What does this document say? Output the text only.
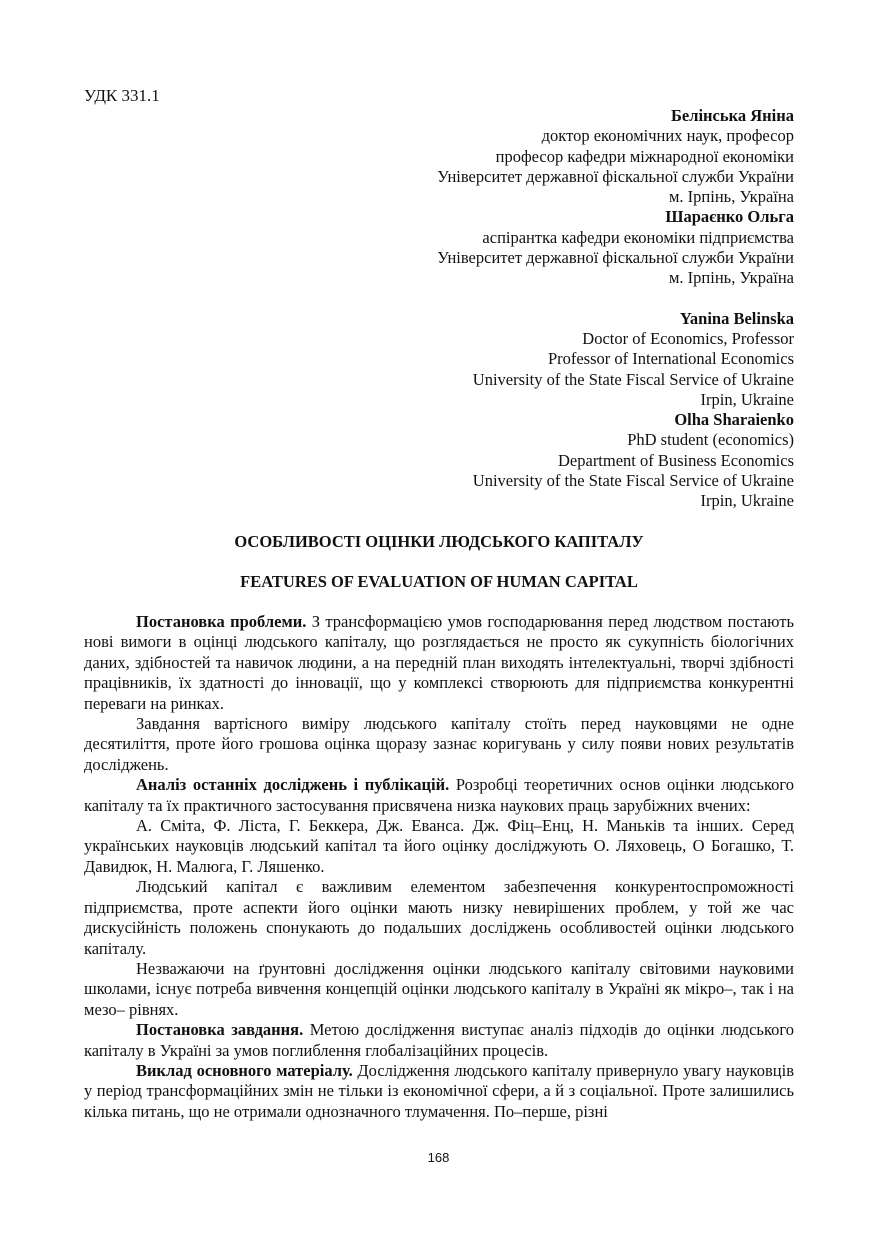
УДК 331.1
Белінська Яніна
доктор економічних наук, професор
професор кафедри міжнародної економіки
Університет державної фіскальної служби України
м. Ірпінь, Україна
Шараєнко Ольга
аспірантка кафедри економіки підприємства
Університет державної фіскальної служби України
м. Ірпінь, Україна
Yanina Belinska
Doctor of Economics, Professor
Professor of International Economics
University of the State Fiscal Service of Ukraine
Irpin, Ukraine
Olha Sharaienko
PhD student (economics)
Department of Business Economics
University of the State Fiscal Service of Ukraine
Irpin, Ukraine
ОСОБЛИВОСТІ ОЦІНКИ ЛЮДСЬКОГО КАПІТАЛУ
FEATURES OF EVALUATION OF HUMAN CAPITAL

Постановка проблеми. З трансформацією умов господарювання перед людством постають нові вимоги в оцінці людського капіталу, що розглядається не просто як сукупність біологічних даних, здібностей та навичок людини, а на передній план виходять інтелектуальні, творчі здібності працівників, їх здатності до інновації, що у комплексі створюють для підприємства конкурентні переваги на ринках.

Завдання вартісного виміру людського капіталу стоїть перед науковцями не одне десятиліття, проте його грошова оцінка щоразу зазнає коригувань у силу появи нових результатів досліджень.

Аналіз останніх досліджень і публікацій. Розробці теоретичних основ оцінки людського капіталу та їх практичного застосування присвячена низка наукових праць зарубіжних вчених:

А. Сміта, Ф. Ліста, Г. Беккера, Дж. Еванса. Дж. Фіц–Енц, Н. Маньків та інших. Серед українських науковців людський капітал та його оцінку досліджують О. Ляховець, О Богашко, Т. Давидюк, Н. Малюга, Г. Ляшенко.

Людський капітал є важливим елементом забезпечення конкурентоспроможності підприємства, проте аспекти його оцінки мають низку невирішених проблем, у той же час дискусійність положень спонукають до подальших досліджень особливостей оцінки людського капіталу.

Незважаючи на ґрунтовні дослідження оцінки людського капіталу світовими науковими школами, існує потреба вивчення концепцій оцінки людського капіталу в Україні як мікро–, так і на мезо– рівнях.

Постановка завдання. Метою дослідження виступає аналіз підходів до оцінки людського капіталу в Україні за умов поглиблення глобалізаційних процесів.

Виклад основного матеріалу. Дослідження людського капіталу привернуло увагу науковців у період трансформаційних змін не тільки із економічної сфери, а й з соціальної. Проте залишились кілька питань, що не отримали однозначного тлумачення. По–перше, різні

168
